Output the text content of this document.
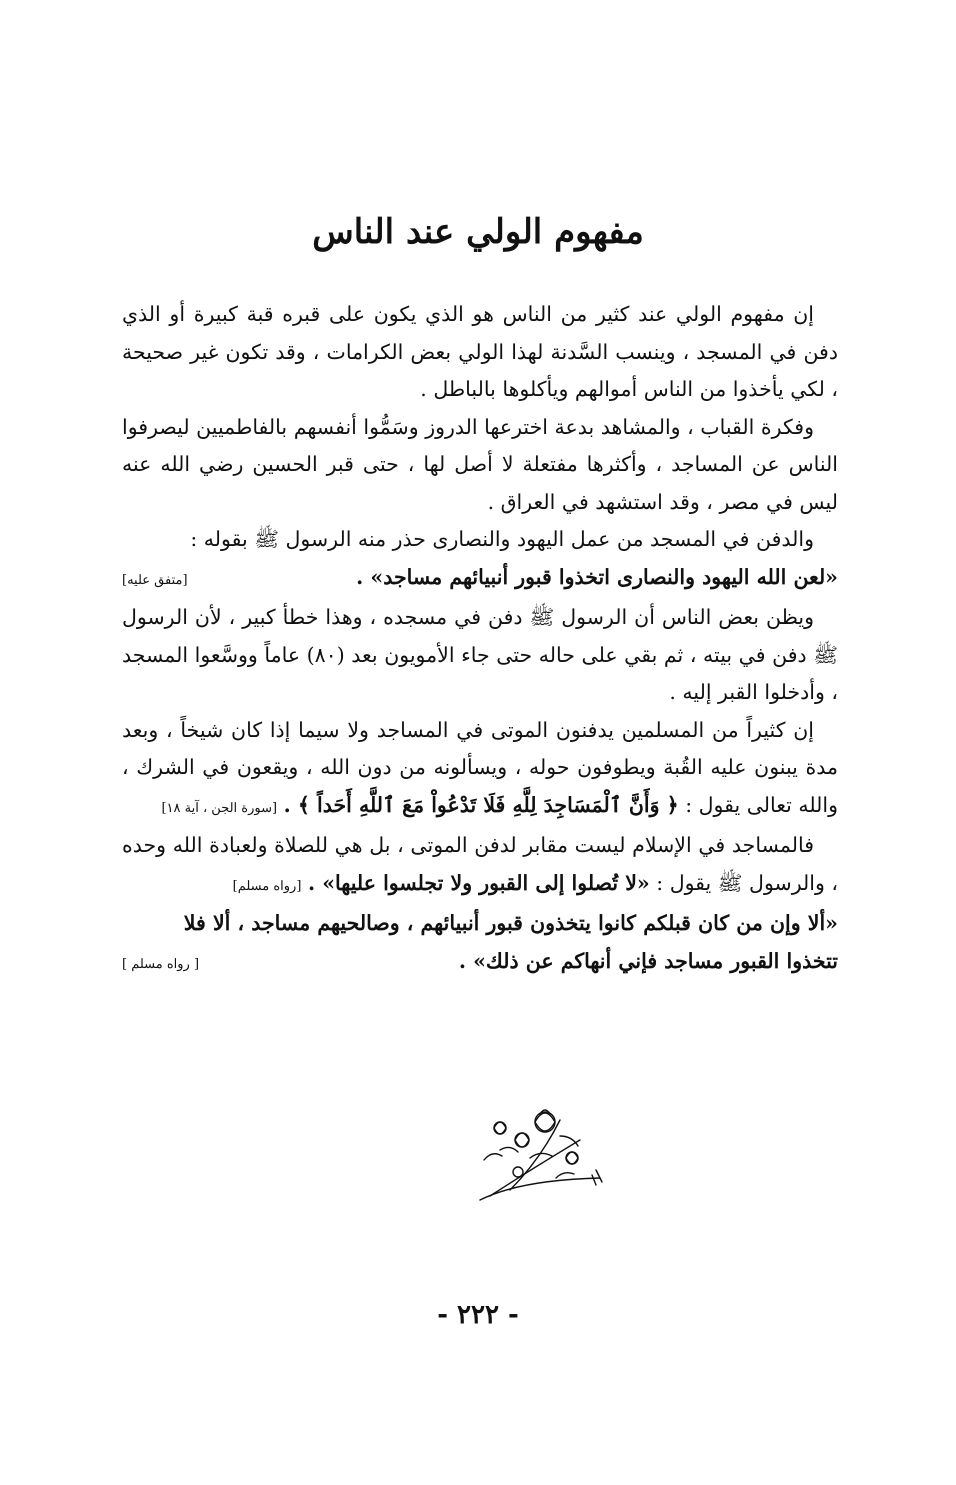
مفهوم الولي عند الناس

إن مفهوم الولي عند كثير من الناس هو الذي يكون على قبره قبة كبيرة أو الذي دفن في المسجد ، وينسب السَّدنة لهذا الولي بعض الكرامات ، وقد تكون غير صحيحة ، لكي يأخذوا من الناس أموالهم ويأكلوها بالباطل .

وفكرة القباب ، والمشاهد بدعة اخترعها الدروز وسَمُّوا أنفسهم بالفاطميين ليصرفوا الناس عن المساجد ، وأكثرها مفتعلة لا أصل لها ، حتى قبر الحسين رضي الله عنه ليس في مصر ، وقد استشهد في العراق .

والدفن في المسجد من عمل اليهود والنصارى حذر منه الرسول ﷺ بقوله :

«لعن الله اليهود والنصارى اتخذوا قبور أنبيائهم مساجد» .
[متفق عليه]

ويظن بعض الناس أن الرسول ﷺ دفن في مسجده ، وهذا خطأ كبير ، لأن الرسول ﷺ دفن في بيته ، ثم بقي على حاله حتى جاء الأمويون بعد (٨٠) عاماً ووسَّعوا المسجد ، وأدخلوا القبر إليه .

إن كثيراً من المسلمين يدفنون الموتى في المساجد ولا سيما إذا كان شيخاً ، وبعد مدة يبنون عليه القُبة ويطوفون حوله ، ويسألونه من دون الله ، ويقعون في الشرك ، والله تعالى يقول : ﴿ وَأَنَّ ٱلْمَسَاجِدَ لِلَّهِ فَلَا تَدْعُواْ مَعَ ٱللَّهِ أَحَداً ﴾ . [سورة الجن ، آية ١٨]

فالمساجد في الإسلام ليست مقابر لدفن الموتى ، بل هي للصلاة ولعبادة الله وحده ، والرسول ﷺ يقول : «لا تُصلوا إلى القبور ولا تجلسوا عليها» . [رواه مسلم]

«ألا وإن من كان قبلكم كانوا يتخذون قبور أنبيائهم ، وصالحيهم مساجد ، ألا فلا

تتخذوا القبور مساجد فإني أنهاكم عن ذلك» .
[ رواه مسلم ]

- ٢٢٢ -
